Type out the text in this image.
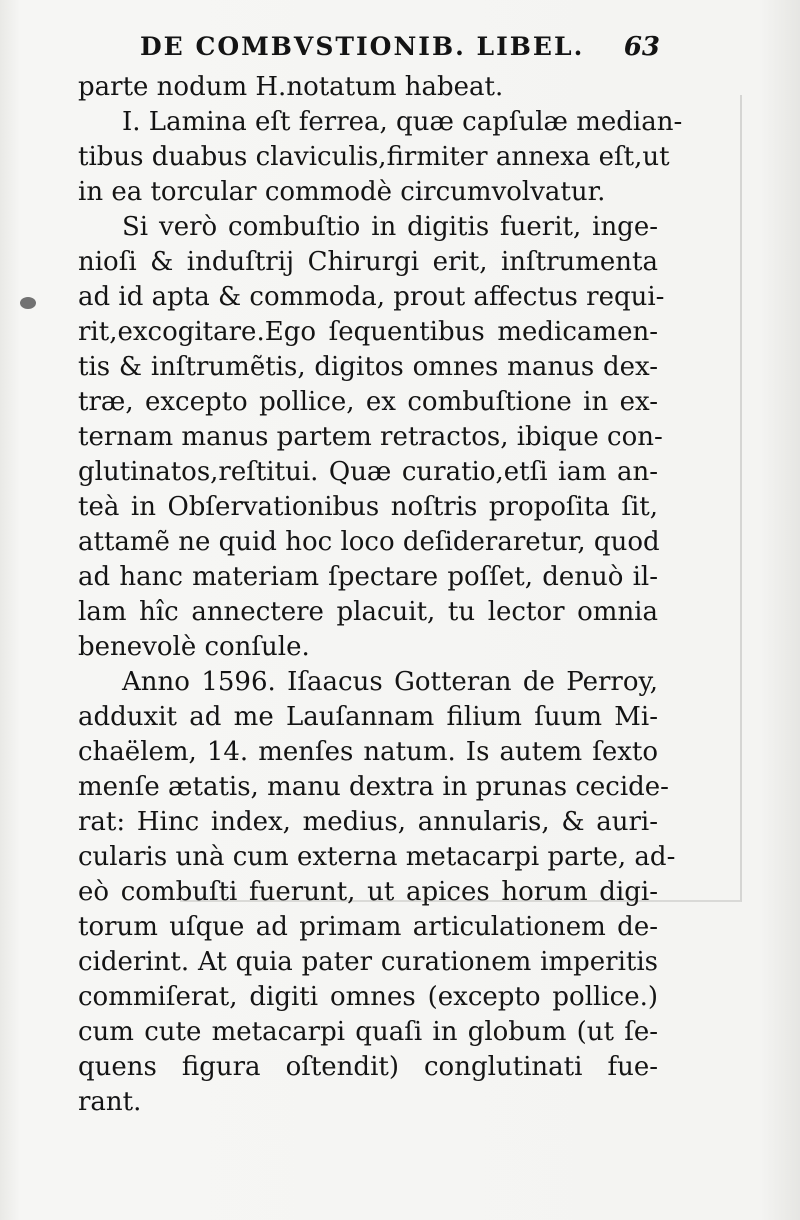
DE COMBVSTIONIB. LIBEL. 63
parte nodum H.notatum habeat.
I. Lamina eſt ferrea, quæ capſulæ median-
tibus duabus claviculis,firmiter annexa eſt,ut
in ea torcular commodè circumvolvatur.
Si verò combuſtio in digitis fuerit, inge-
nioſi & induſtrij Chirurgi erit, inſtrumenta
ad id apta & commoda, prout affectus requi-
rit,excogitare.Ego ſequentibus medicamen-
tis & inſtrumẽtis, digitos omnes manus dex-
træ, excepto pollice, ex combuſtione in ex-
ternam manus partem retractos, ibique con-
glutinatos,reſtitui. Quæ curatio,etſi iam an-
teà in Obſervationibus noſtris propoſita ſit,
attamẽ ne quid hoc loco deſideraretur, quod
ad hanc materiam ſpectare poſſet, denuò il-
lam hîc annectere placuit, tu lector omnia
benevolè conſule.
Anno 1596. Iſaacus Gotteran de Perroy,
adduxit ad me Lauſannam filium ſuum Mi-
chaëlem, 14. menſes natum. Is autem ſexto
menſe ætatis, manu dextra in prunas cecide-
rat: Hinc index, medius, annularis, & auri-
cularis unà cum externa metacarpi parte, ad-
eò combuſti fuerunt, ut apices horum digi-
torum uſque ad primam articulationem de-
ciderint. At quia pater curationem imperitis
commiſerat, digiti omnes (excepto pollice.)
cum cute metacarpi quaſi in globum (ut ſe-
quens figura oſtendit) conglutinati fue-
rant.
